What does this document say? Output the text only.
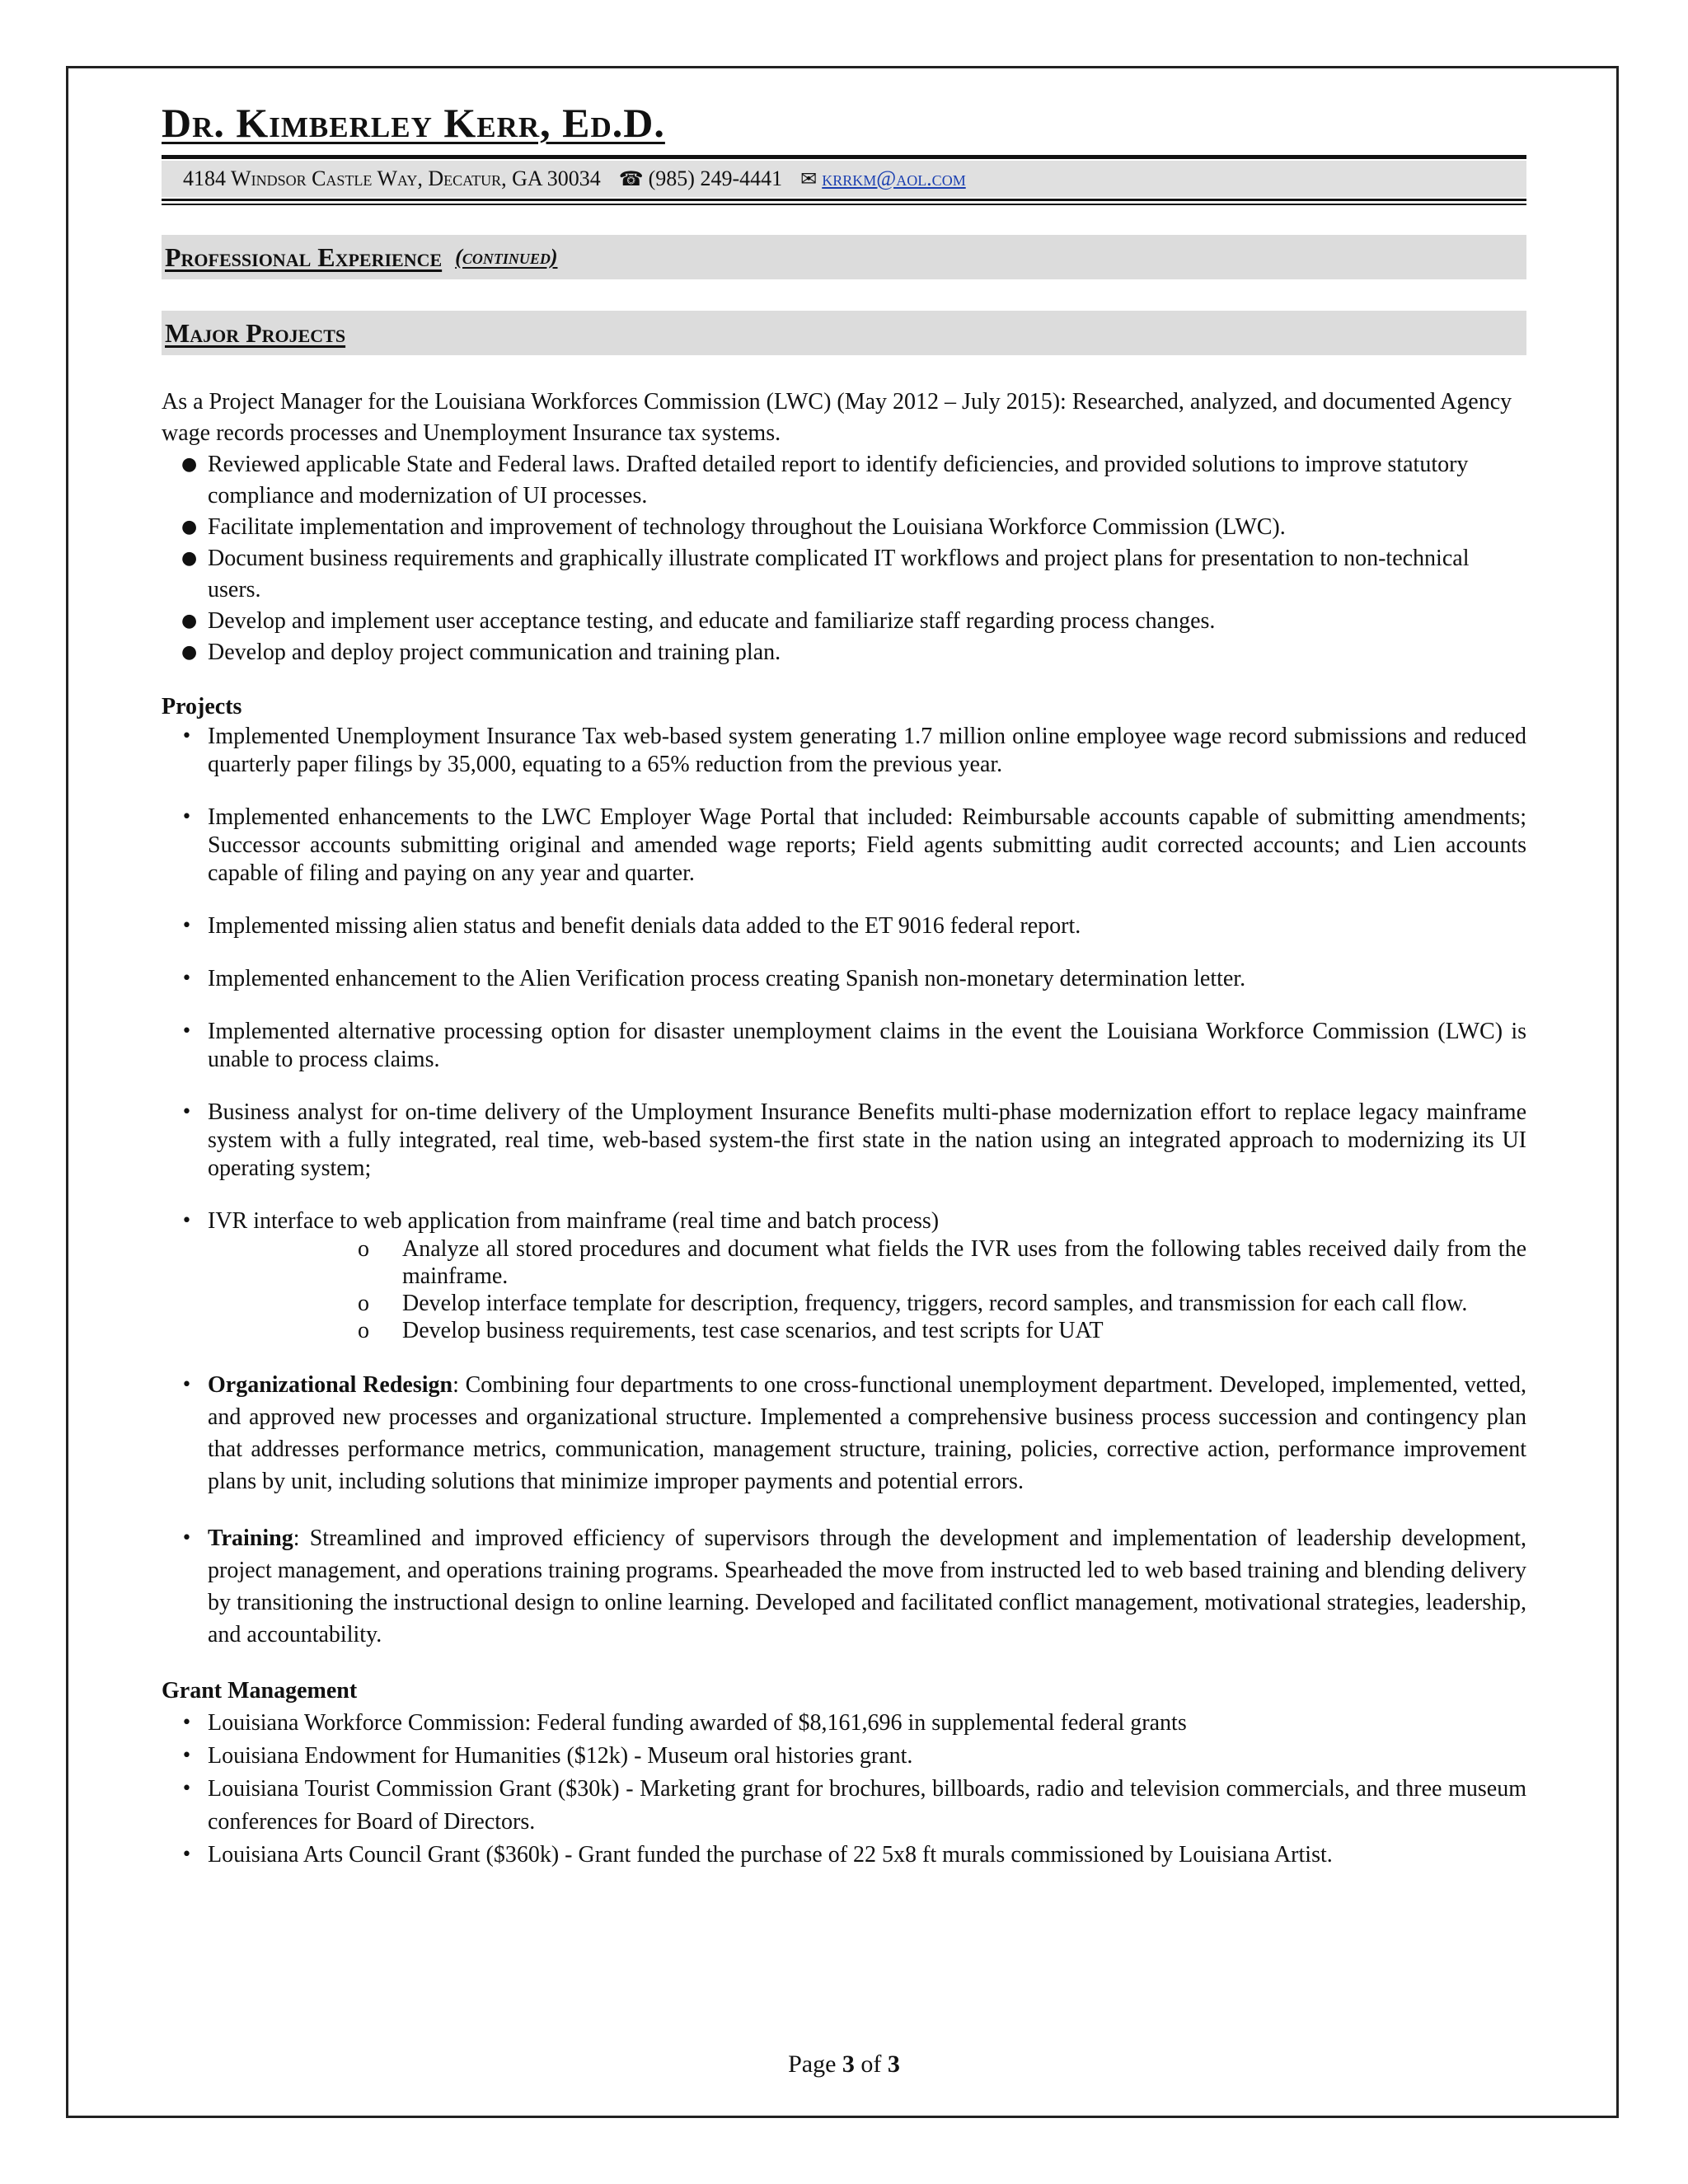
Dr. Kimberley Kerr, Ed.D.
4184 Windsor Castle Way, Decatur, GA 30034 ☎ (985) 249-4441 ✉ krrkm@aol.com
Professional Experience (continued)
Major Projects
As a Project Manager for the Louisiana Workforces Commission (LWC) (May 2012 – July 2015): Researched, analyzed, and documented Agency wage records processes and Unemployment Insurance tax systems.
● Reviewed applicable State and Federal laws. Drafted detailed report to identify deficiencies, and provided solutions to improve statutory compliance and modernization of UI processes.
● Facilitate implementation and improvement of technology throughout the Louisiana Workforce Commission (LWC).
● Document business requirements and graphically illustrate complicated IT workflows and project plans for presentation to non-technical users.
● Develop and implement user acceptance testing, and educate and familiarize staff regarding process changes.
● Develop and deploy project communication and training plan.
Projects
• Implemented Unemployment Insurance Tax web-based system generating 1.7 million online employee wage record submissions and reduced quarterly paper filings by 35,000, equating to a 65% reduction from the previous year.
• Implemented enhancements to the LWC Employer Wage Portal that included: Reimbursable accounts capable of submitting amendments; Successor accounts submitting original and amended wage reports; Field agents submitting audit corrected accounts; and Lien accounts capable of filing and paying on any year and quarter.
• Implemented missing alien status and benefit denials data added to the ET 9016 federal report.
• Implemented enhancement to the Alien Verification process creating Spanish non-monetary determination letter.
• Implemented alternative processing option for disaster unemployment claims in the event the Louisiana Workforce Commission (LWC) is unable to process claims.
• Business analyst for on-time delivery of the Umployment Insurance Benefits multi-phase modernization effort to replace legacy mainframe system with a fully integrated, real time, web-based system-the first state in the nation using an integrated approach to modernizing its UI operating system;
• IVR interface to web application from mainframe (real time and batch process)
o Analyze all stored procedures and document what fields the IVR uses from the following tables received daily from the mainframe.
o Develop interface template for description, frequency, triggers, record samples, and transmission for each call flow.
o Develop business requirements, test case scenarios, and test scripts for UAT
• Organizational Redesign: Combining four departments to one cross-functional unemployment department. Developed, implemented, vetted, and approved new processes and organizational structure. Implemented a comprehensive business process succession and contingency plan that addresses performance metrics, communication, management structure, training, policies, corrective action, performance improvement plans by unit, including solutions that minimize improper payments and potential errors.
• Training: Streamlined and improved efficiency of supervisors through the development and implementation of leadership development, project management, and operations training programs. Spearheaded the move from instructed led to web based training and blending delivery by transitioning the instructional design to online learning. Developed and facilitated conflict management, motivational strategies, leadership, and accountability.
Grant Management
• Louisiana Workforce Commission: Federal funding awarded of $8,161,696 in supplemental federal grants
• Louisiana Endowment for Humanities ($12k) - Museum oral histories grant.
• Louisiana Tourist Commission Grant ($30k) - Marketing grant for brochures, billboards, radio and television commercials, and three museum conferences for Board of Directors.
• Louisiana Arts Council Grant ($360k) - Grant funded the purchase of 22 5x8 ft murals commissioned by Louisiana Artist.
Page 3 of 3
